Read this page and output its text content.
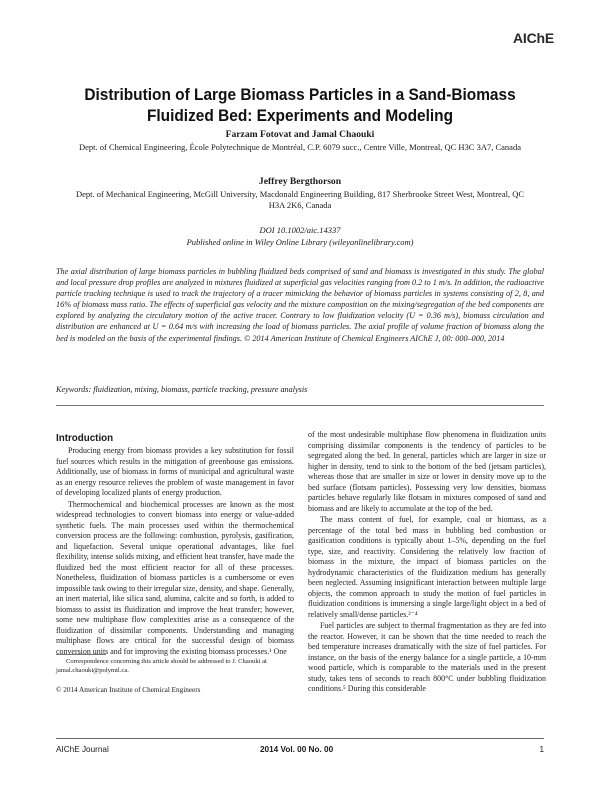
AIChE
Distribution of Large Biomass Particles in a Sand-Biomass Fluidized Bed: Experiments and Modeling
Farzam Fotovat and Jamal Chaouki
Dept. of Chemical Engineering, École Polytechnique de Montréal, C.P. 6079 succ., Centre Ville, Montreal, QC H3C 3A7, Canada
Jeffrey Bergthorson
Dept. of Mechanical Engineering, McGill University, Macdonald Engineering Building, 817 Sherbrooke Street West, Montreal, QC H3A 2K6, Canada
DOI 10.1002/aic.14337
Published online in Wiley Online Library (wileyonlinelibrary.com)
The axial distribution of large biomass particles in bubbling fluidized beds comprised of sand and biomass is investigated in this study. The global and local pressure drop profiles are analyzed in mixtures fluidized at superficial gas velocities ranging from 0.2 to 1 m/s. In addition, the radioactive particle tracking technique is used to track the trajectory of a tracer mimicking the behavior of biomass particles in systems consisting of 2, 8, and 16% of biomass mass ratio. The effects of superficial gas velocity and the mixture composition on the mixing/segregation of the bed components are explored by analyzing the circulatory motion of the active tracer. Contrary to low fluidization velocity (U = 0.36 m/s), biomass circulation and distribution are enhanced at U = 0.64 m/s with increasing the load of biomass particles. The axial profile of volume fraction of biomass along the bed is modeled on the basis of the experimental findings. © 2014 American Institute of Chemical Engineers AIChE J, 00: 000–000, 2014
Keywords: fluidization, mixing, biomass, particle tracking, pressure analysis
Introduction

Producing energy from biomass provides a key substitution for fossil fuel sources which results in the mitigation of greenhouse gas emissions. Additionally, use of biomass in forms of municipal and agricultural waste as an energy resource relieves the problem of waste management in favor of developing localized plants of energy production.

Thermochemical and biochemical processes are known as the most widespread technologies to convert biomass into energy or value-added synthetic fuels. The main processes used within the thermochemical conversion process are the following: combustion, pyrolysis, gasification, and liquefaction. Several unique operational advantages, like fuel flexibility, intense solids mixing, and efficient heat transfer, have made the fluidized bed the most efficient reactor for all of these processes. Nonetheless, fluidization of biomass particles is a cumbersome or even impossible task owing to their irregular size, density, and shape. Generally, an inert material, like silica sand, alumina, calcite and so forth, is added to biomass to assist its fluidization and improve the heat transfer; however, some new multiphase flow complexities arise as a consequence of the fluidization of dissimilar components. Understanding and managing multiphase flows are critical for the successful design of biomass conversion units and for improving the existing biomass processes.¹ One

of the most undesirable multiphase flow phenomena in fluidization units comprising dissimilar components is the tendency of particles to be segregated along the bed. In general, particles which are larger in size or higher in density, tend to sink to the bottom of the bed (jetsam particles), whereas those that are smaller in size or lower in density move up to the bed surface (flotsam particles). Possessing very low densities, biomass particles behave regularly like flotsam in mixtures composed of sand and biomass and are likely to accumulate at the top of the bed.

The mass content of fuel, for example, coal or biomass, as a percentage of the total bed mass in bubbling bed combustion or gasification conditions is typically about 1–5%, depending on the fuel type, size, and reactivity. Considering the relatively low fraction of biomass in the mixture, the impact of biomass particles on the hydrodynamic characteristics of the fluidization medium has generally been neglected. Assuming insignificant interaction between multiple large objects, the common approach to study the motion of fuel particles in fluidization conditions is immersing a single large/light object in a bed of relatively small/dense particles.²⁻⁴

Fuel particles are subject to thermal fragmentation as they are fed into the reactor. However, it can be shown that the time needed to reach the bed temperature increases dramatically with the size of fuel particles. For instance, on the basis of the energy balance for a single particle, a 10-mm wood particle, which is comparable to the materials used in the present study, takes tens of seconds to reach 800°C under bubbling fluidization conditions.⁵ During this considerable

Correspondence concerning this article should be addressed to J. Chaouki at jamal.chaouki@polymtl.ca.
© 2014 American Institute of Chemical Engineers
AIChE Journal	2014 Vol. 00 No. 00	1
